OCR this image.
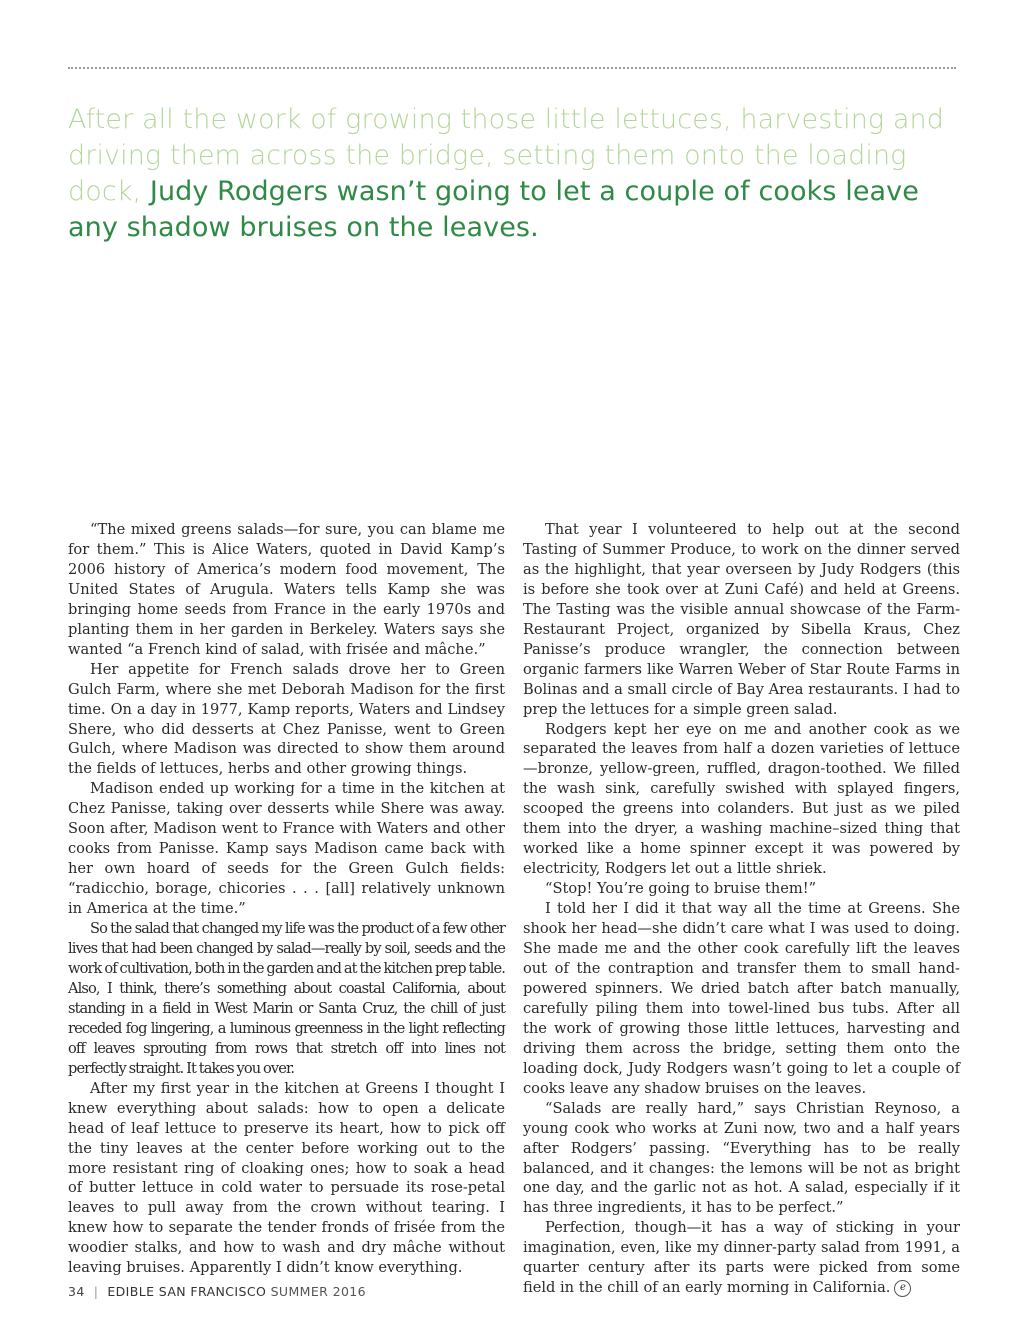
After all the work of growing those little lettuces, harvesting and driving them across the bridge, setting them onto the loading dock, Judy Rodgers wasn’t going to let a couple of cooks leave any shadow bruises on the leaves.

“The mixed greens salads—for sure, you can blame me for them.” This is Alice Waters, quoted in David Kamp’s 2006 history of America’s modern food movement, The United States of Arugula. Waters tells Kamp she was bringing home seeds from France in the early 1970s and planting them in her garden in Berkeley. Waters says she wanted “a French kind of salad, with frisée and mâche.”

Her appetite for French salads drove her to Green Gulch Farm, where she met Deborah Madison for the first time. On a day in 1977, Kamp reports, Waters and Lindsey Shere, who did desserts at Chez Panisse, went to Green Gulch, where Madison was directed to show them around the fields of lettuces, herbs and other growing things.

Madison ended up working for a time in the kitchen at Chez Panisse, taking over desserts while Shere was away. Soon after, Madison went to France with Waters and other cooks from Panisse. Kamp says Madison came back with her own hoard of seeds for the Green Gulch fields: “radicchio, borage, chicories . . . [all] relatively unknown in America at the time.”

So the salad that changed my life was the product of a few other lives that had been changed by salad—really by soil, seeds and the work of cultivation, both in the garden and at the kitchen prep table. Also, I think, there’s something about coastal California, about standing in a field in West Marin or Santa Cruz, the chill of just receded fog lingering, a luminous greenness in the light reflecting off leaves sprouting from rows that stretch off into lines not perfectly straight. It takes you over.

After my first year in the kitchen at Greens I thought I knew everything about salads: how to open a delicate head of leaf lettuce to preserve its heart, how to pick off the tiny leaves at the center before working out to the more resistant ring of cloaking ones; how to soak a head of butter lettuce in cold water to persuade its rose-petal leaves to pull away from the crown without tearing. I knew how to separate the tender fronds of frisée from the woodier stalks, and how to wash and dry mâche without leaving bruises. Apparently I didn’t know everything.

That year I volunteered to help out at the second Tasting of Summer Produce, to work on the dinner served as the highlight, that year overseen by Judy Rodgers (this is before she took over at Zuni Café) and held at Greens. The Tasting was the visible annual showcase of the Farm-Restaurant Project, organized by Sibella Kraus, Chez Panisse’s produce wrangler, the connection between organic farmers like Warren Weber of Star Route Farms in Bolinas and a small circle of Bay Area restaurants. I had to prep the lettuces for a simple green salad.

Rodgers kept her eye on me and another cook as we separated the leaves from half a dozen varieties of lettuce—bronze, yellow-green, ruffled, dragon-toothed. We filled the wash sink, carefully swished with splayed fingers, scooped the greens into colanders. But just as we piled them into the dryer, a washing machine–sized thing that worked like a home spinner except it was powered by electricity, Rodgers let out a little shriek.

“Stop! You’re going to bruise them!”

I told her I did it that way all the time at Greens. She shook her head—she didn’t care what I was used to doing. She made me and the other cook carefully lift the leaves out of the contraption and transfer them to small hand-powered spinners. We dried batch after batch manually, carefully piling them into towel-lined bus tubs. After all the work of growing those little lettuces, harvesting and driving them across the bridge, setting them onto the loading dock, Judy Rodgers wasn’t going to let a couple of cooks leave any shadow bruises on the leaves.

“Salads are really hard,” says Christian Reynoso, a young cook who works at Zuni now, two and a half years after Rodgers’ passing. “Everything has to be really balanced, and it changes: the lemons will be not as bright one day, and the garlic not as hot. A salad, especially if it has three ingredients, it has to be perfect.”

Perfection, though—it has a way of sticking in your imagination, even, like my dinner-party salad from 1991, a quarter century after its parts were picked from some field in the chill of an early morning in California. e

34 | EDIBLE SAN FRANCISCO SUMMER 2016
